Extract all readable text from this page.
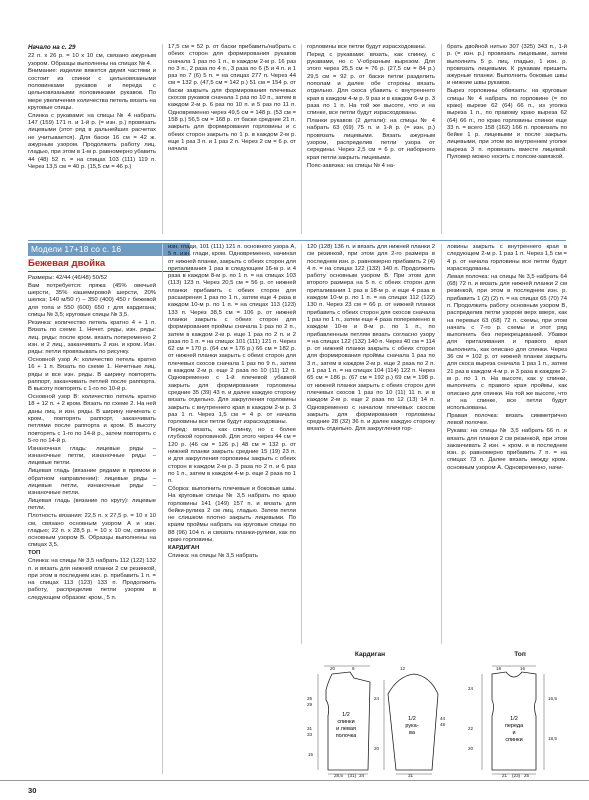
Начало на с. 29

22 п. х 26 р. = 10 х 10 см, связано ажурным узором. Образцы выполнены на спицах № 4.

Внимание: изделие вяжется двумя частями и состоит из спинки с цельновязаными половинками рукавов и переда с цельновязаными половинками рукавов. По мере увеличения количества петель вязать на круговые спицы.

Спинка с рукавами: на спицы № 4 набрать 147 (159) 171 п. и 1-й р. (= изн. р.) провязать лицевыми (этот ряд в дальнейших расчетах не учитывается). Для баски 16 см = 42 ж. ажурным узором. Продолжить работу лиц. гладью, при этом в 1-м р. равномерно убавить 44 (48) 52 п. = на спицах 103 (111) 119 п. Через 13,5 см = 40 р. (15,5 см = 46 р.)

17,5 см = 52 р. от баски прибавить/набрать с обеих сторон для формирования рукавов сначала 1 раз по 1 п., в каждом 2-м р. 16 раз по 3 п., 2 раза по 4 п., 3 раза по 6 (5 и 4 п. и 1 раз по 7 (6) 5 п. = на спицах 277 п. Через 44 см = 132 р. (47,5 см = 142 р.) 51 см = 154 р. от баски закрыть для формирования плечевых скосов рукавов сначала 1 раз по 10 п., затем в каждом 2-м р. 6 раз по 10 п. и 5 раз по 11 п. Одновременно через 49,5 см = 148 р. (53 см = 158 р.) 56,5 см = 168 р. от баски средние 21 п. закрыть для формирования горловины и с обеих сторон закрыть по 1 р. в каждом 2-м р. еще 1 раз 3 п. и 1 раз 2 п. Через 2 см = 6 р. от начала

горловины все петли будут израсходованы.

Перед с рукавами: вязать, как спинку, с рукавами, но с V-образным вырезом. Для этого через 25,5 см = 76 р. (27,5 см = 84 р.) 29,5 см = 92 р. от баски петли разделить пополам и далее обе стороны вязать отдельно. Для скоса убавить с внутреннего края в каждом 4-м р. 9 раз и в каждом 6-м р. 3 раза по 1 п. На той же высоте, что и на спинке, все петли будут израсходованы.

Планки рукавов (2 детали): на спицы № 4 набрать 63 (69) 75 п. и 1-й р. (= изн. р.) провязать лицевыми. Вязать ажурным узором, распределив петли узора от середины. Через 2,5 см = 6 р. от наборного края петли закрыть лицевыми.

Пояс-завязка: на спицы № 4 на-

брать двойной нитью 307 (325) 343 п., 1-й р. (= изн. р.) провязать лицевыми, затем выполнить 5 р. лиц. гладью, 1 изн. р. провязать лицевыми. К рукавам пришить ажурные планки. Выполнить боковые швы и нижние швы рукавов.

Вырез горловины обвязать: на круговые спицы № 4 набрать по горловине (= по краю) вырезе 62 (64) 66 п., из уголка выреза 1 п., по правому краю выреза 62 (64) 66 п., по краю горловины спинки еще 33 п. = всего 158 (162) 166 п. провязать по бейке 1 р. лицевыми и после закрыть лицевыми, при этом во внутреннем уголке выреза 3 п. провязать вместе лицевой. Пуловер можно носить с поясом-завязкой.

Модели 17+18 со с. 16
Бежевая двойка

Размеры: 42/44 (46/48) 50/52

Вам потребуется: пряжа (45% овечьей шерсти, 35% кашемировой шерсти, 20% шелка; 140 м/50 г) – 350 (400) 450 г бежевой для топа и 550 (600) 650 г для кардигана; спицы № 3,5; круговые спицы № 3,5.

Резинка: количество петель кратно 4 + 1 п. Вязать по схеме 1. Нечет. ряды, изн. ряды: лиц. ряды: после кром. вязать попеременно 2 изн. и 2 лиц., заканчивать 2 изн. и кром. Изн. ряды: петли провязывать по рисунку.

Основной узор А: количество петель кратно 16 + 1 п. Вязать по схеме 1. Нечетные лиц. ряды и все изн. ряды. В ширину повторять раппорт, заканчивать петлей после раппорта. В высоту повторять с 1-го по 10-й р.

Основной узор В: количество петель кратно 18 + 12 п. + 2 кром. Вязать по схеме 2. На ней даны лиц. и изн. ряды. В ширину начинать с кром., повторять раппорт, заканчивать петлями после раппорта и кром. В высоту повторять с 1-го по 14-й р., затем повторять с 5-го по 14-й р.

Изнаночная гладь: лицевые ряды – изнаночные петли, изнаночные ряды – лицевые петли.

Лицевая гладь (вязание рядами в прямом и обратном направлении): лицевые ряды – лицевые петли, изнаночные ряды – изнаночные петли.

Лицевая гладь (вязание по кругу): лицевые петли.

Плотность вязания: 22,5 п. х 27,5 р. = 10 х 10 см, связано основным узором А и изн. гладью; 22 п. х 28,5 р. = 10 х 10 см, связано основным узором В. Образцы выполнены на спицах 3,5.

ТОП

Спинка: на спицы № 3,5 набрать 112 (122) 132 п. и вязать для нижней планки 2 см резинкой, при этом в последнем изн. р. прибавить 1 п. = на спицах 113 (123) 133 п. Продолжить работу, распределив петли узором в следующем образом: кром., 5 п.

изн. глади, 101 (111) 121 п. основного узора А, 5 п. изн. глади, кром. Одновременно, начиная от нижней планки, закрыть с обеих сторон для приталивания 1 раз в следующем 16-м р. и 4 раза в каждом 8-м р. по 1 п. = на спицах 103 (113) 123 п. Через 20,5 см = 56 р. от нижней планки прибавить с обеих сторон для расширения 1 раз по 1 п., затем еще 4 раза в каждом 10-м р. по 1 п. = на спицах 113 (123) 133 п. Через 38,5 см = 106 р. от нижней планки закрыть с обеих сторон для формирования проймы сначала 1 раз по 2 п., затем в каждом 2-м р. еще 1 раз по 2 п. и 2 раза по 1 п. = на спицах 101 (111) 121 п. Через 62 см = 170 р. (64 см = 176 р.) 66 см = 182 р. от нижней планки закрыть с обеих сторон для плечевых скосов сначала 1 раз по 9 п., затем в каждом 2-м р. еще 2 раза по 10 (11) 12 п. Одновременно с 1-й плечевой убавкой закрыть для формирования горловины средние 35 (39) 43 п. и далее каждую сторону вязать отдельно. Для закругления горловины закрыть с внутреннего края в каждом 2-м р. 3 раз 1 п. Через 1,5 см = 4 р. от начала горловины все петли будут израсходованы.

Перед: вязать, как спинку, но с более глубокой горловиной. Для этого через 44 см = 120 р. (46 см = 126 р.) 48 см = 132 р. от нижней планки закрыть средние 15 (19) 23 п. и для закругления горловины закрыть с обеих сторон в каждом 2-м р. 3 раза по 2 п. и 6 раз по 1 п., затем в каждом 4-м р. еще 2 раза по 1 п.

Сборка: выполнить плечевые и боковые швы. На круговые спицы № 3,5 набрать по краю горловины 141 (149) 157 п. и вязать для бейки-рулика 2 см лиц. гладью. Затем петли не слишком плотно закрыть лицевыми. По краям проймы набрать на круговые спицы по 88 (96) 104 п. и связать планки-рулики, как по краю горловины.

КАРДИГАН

Спинка: на спицы № 3,5 набрать

120 (128) 136 п. и вязать для нижней планки 2 см резинкой, при этом для 2-го размера в последнем изн. р. равномерно прибавить 2 (4) 4 п. = на спицах 122 (132) 140 п. Продолжить работу основным узором В. При этом для второго размера на 5 п. с обеих сторон для приталивания 1 раз в 18-м р. и еще 4 раза в каждом 10-м р. по 1 п. = на спицах 112 (122) 130 п. Через 23 см = 66 р. от нижней планки прибавить с обеих сторон для скосов сначала 1 раз по 1 п., затем еще 4 раза попеременно в каждом 10-м и 8-м р. по 1 п., по прибавленным петлям вязать согласно узору = на спицах 122 (132) 140 п. Через 40 см = 114 р. от нижней планки закрыть с обеих сторон для формирования проймы сначала 1 раз по 3 п., затем в каждом 2-м р. еще 2 раза по 2 п. и 1 раз 1 п. = на спицах 104 (114) 122 п. Через 65 см = 186 р. (67 см = 192 р.) 69 см = 198 р. от нижней планки закрыть с обеих сторон для плечевых скосов 1 раз по 10 (11) 11 п. и в каждом 2-м р. еще 2 раза по 12 (13) 14 п. Одновременно с началом плечевых скосов закрыть для формирования горловины средние 28 (32) 36 п. и далее каждую сторону вязать отдельно. Для закругления гор-

ловины закрыть с внутреннего края в следующем 2-м р. 1 раз 1 п. Через 1,5 см = 4 р. от начала горловины все петли будут израсходованы.

Левая полочка: на спицы № 3,5 набрать 64 (68) 72 п. и вязать для нижней планки 2 см резинкой, при этом в последнем изн. р. прибавить 1 (2) (2) п. = на спицах 65 (70) 74 п. Продолжить работу основным узором В, распределив петли узором верх вверх, как на перевых 63 (68) 72 п. схемы, при этом начать с 7-го р. схемы и этот ряд выполнить без перекрещиваний. Убавки для приталивания и правого края выполнить, как описано для спинки. Через 36 см = 102 р. от нижней планки закрыть для скоса выреза сначала 1 раз 1 п., затем 21 раз в каждом 4-м р. и 3 раза в каждом 2-м р. по 1 п. На высоте, как у спинки, выполнить с правого края проймы, как описано для спинки. На той же высоте, что и на спинке, все петли будут использованы.

Правая полочка: вязать симметрично левой полочке.

Рукава: на спицы № 3,5 набрать 66 п. и вязать для планки 2 см резинкой, при этом заканчивать 2 изн. + кром. и в последнем изн. р. равномерно прибавить 7 п. = на спицах 73 п. Далее вязать между кром. основным узором А. Одновременно, начи-

Кардиган	Топ
1/2
спинки
и левая
полочка
1/2
рука-
ва
20	6
26
29
31
33
15
28,5 (31) 34
24
20
12
44
48
31
1/2
переда
и
спинки
18	16
24
22
20
16,5
18,5
21 (23) 25
30
